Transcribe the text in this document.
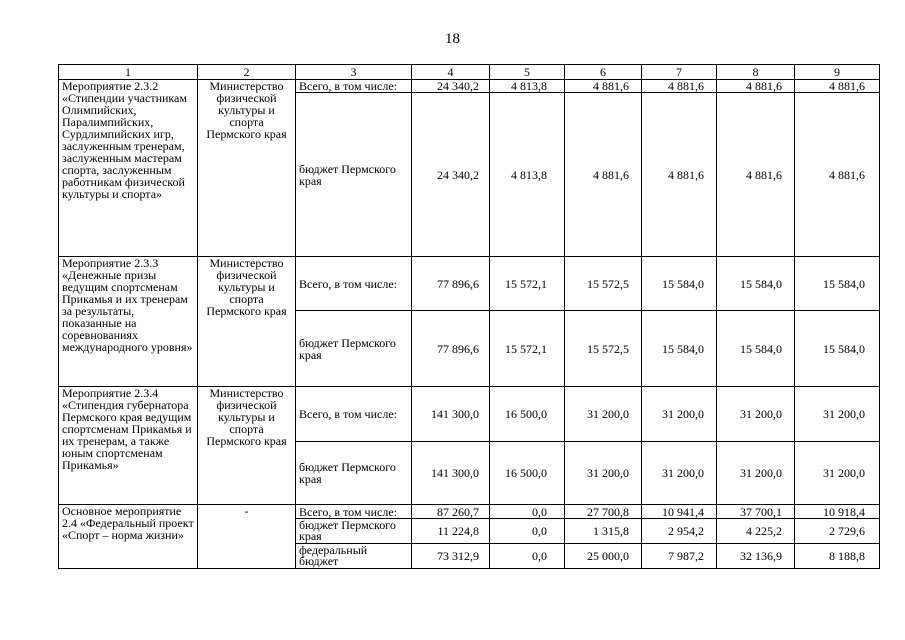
18
1	2	3	4	5	6	7	8	9
Мероприятие 2.3.2 «Стипендии участникам Олимпийских, Паралимпийских, Сурдлимпийских игр, заслуженным тренерам, заслуженным мастерам спорта, заслуженным работникам физической культуры и спорта»	Министерство физической культуры и спорта Пермского края	Всего, в том числе:	24 340,2	4 813,8	4 881,6	4 881,6	4 881,6	4 881,6
		бюджет Пермского края	24 340,2	4 813,8	4 881,6	4 881,6	4 881,6	4 881,6
Мероприятие 2.3.3 «Денежные призы ведущим спортсменам Прикамья и их тренерам за результаты, показанные на соревнованиях международного уровня»	Министерство физической культуры и спорта Пермского края	Всего, в том числе:	77 896,6	15 572,1	15 572,5	15 584,0	15 584,0	15 584,0
		бюджет Пермского края	77 896,6	15 572,1	15 572,5	15 584,0	15 584,0	15 584,0
Мероприятие 2.3.4 «Стипендия губернатора Пермского края ведущим спортсменам Прикамья и их тренерам, а также юным спортсменам Прикамья»	Министерство физической культуры и спорта Пермского края	Всего, в том числе:	141 300,0	16 500,0	31 200,0	31 200,0	31 200,0	31 200,0
		бюджет Пермского края	141 300,0	16 500,0	31 200,0	31 200,0	31 200,0	31 200,0
Основное мероприятие 2.4 «Федеральный проект «Спорт – норма жизни»	-	Всего, в том числе:	87 260,7	0,0	27 700,8	10 941,4	37 700,1	10 918,4
		бюджет Пермского края	11 224,8	0,0	1 315,8	2 954,2	4 225,2	2 729,6
		федеральный бюджет	73 312,9	0,0	25 000,0	7 987,2	32 136,9	8 188,8
